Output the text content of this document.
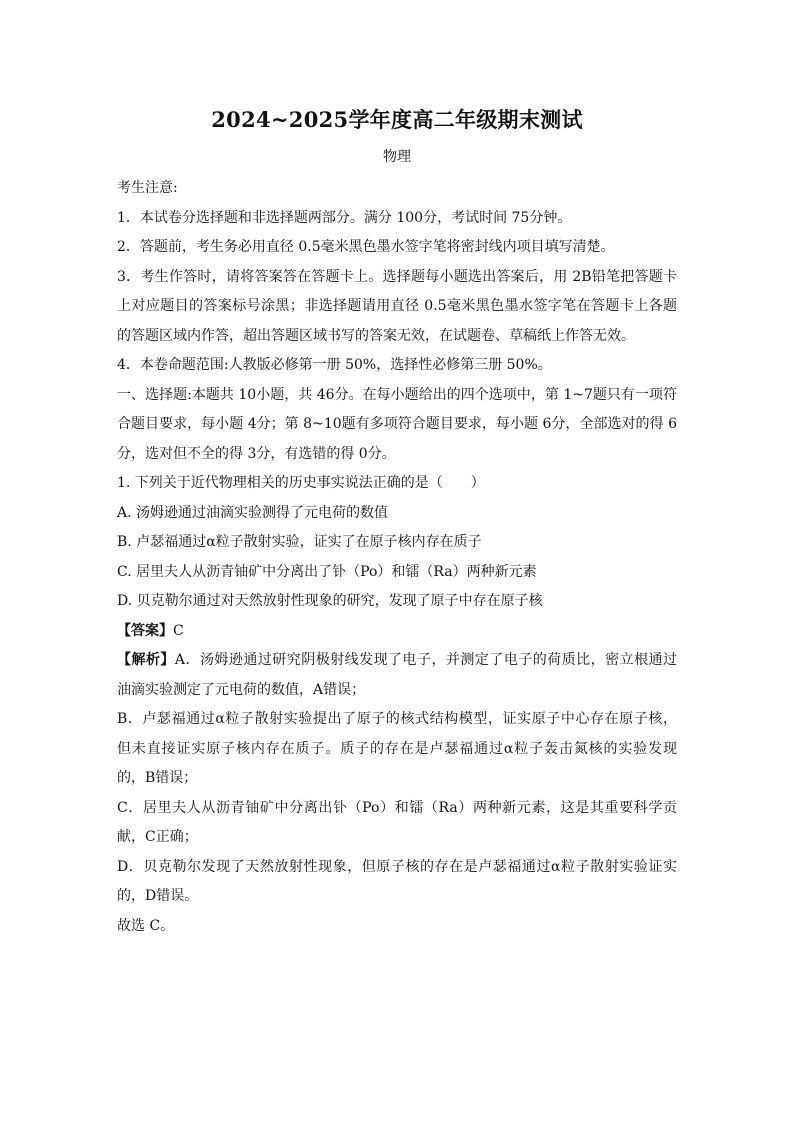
2024~2025学年度高二年级期末测试
物理
考生注意:
1．本试卷分选择题和非选择题两部分。满分 100分，考试时间 75分钟。
2．答题前，考生务必用直径 0.5毫米黑色墨水签字笔将密封线内项目填写清楚。
3．考生作答时，请将答案答在答题卡上。选择题每小题选出答案后，用 2B铅笔把答题卡
上对应题目的答案标号涂黑；非选择题请用直径 0.5毫米黑色墨水签字笔在答题卡上各题
的答题区域内作答，超出答题区域书写的答案无效，在试题卷、草稿纸上作答无效。
4．本卷命题范围:人教版必修第一册 50%，选择性必修第三册 50%。
一、选择题:本题共 10小题，共 46分。在每小题给出的四个选项中，第 1~7题只有一项符
合题目要求，每小题 4分；第 8~10题有多项符合题目要求，每小题 6分，全部选对的得 6
分，选对但不全的得 3分，有选错的得 0分。
1. 下列关于近代物理相关的历史事实说法正确的是（　　）
A. 汤姆逊通过油滴实验测得了元电荷的数值
B. 卢瑟福通过α粒子散射实验，证实了在原子核内存在质子
C. 居里夫人从沥青铀矿中分离出了钋（Po）和镭（Ra）两种新元素
D. 贝克勒尔通过对天然放射性现象的研究，发现了原子中存在原子核
【答案】C
【解析】A．汤姆逊通过研究阴极射线发现了电子，并测定了电子的荷质比，密立根通过
油滴实验测定了元电荷的数值，A错误；
B．卢瑟福通过α粒子散射实验提出了原子的核式结构模型，证实原子中心存在原子核，
但未直接证实原子核内存在质子。质子的存在是卢瑟福通过α粒子轰击氮核的实验发现
的，B错误；
C．居里夫人从沥青铀矿中分离出钋（Po）和镭（Ra）两种新元素，这是其重要科学贡
献，C正确；
D．贝克勒尔发现了天然放射性现象，但原子核的存在是卢瑟福通过α粒子散射实验证实
的，D错误。
故选 C。
